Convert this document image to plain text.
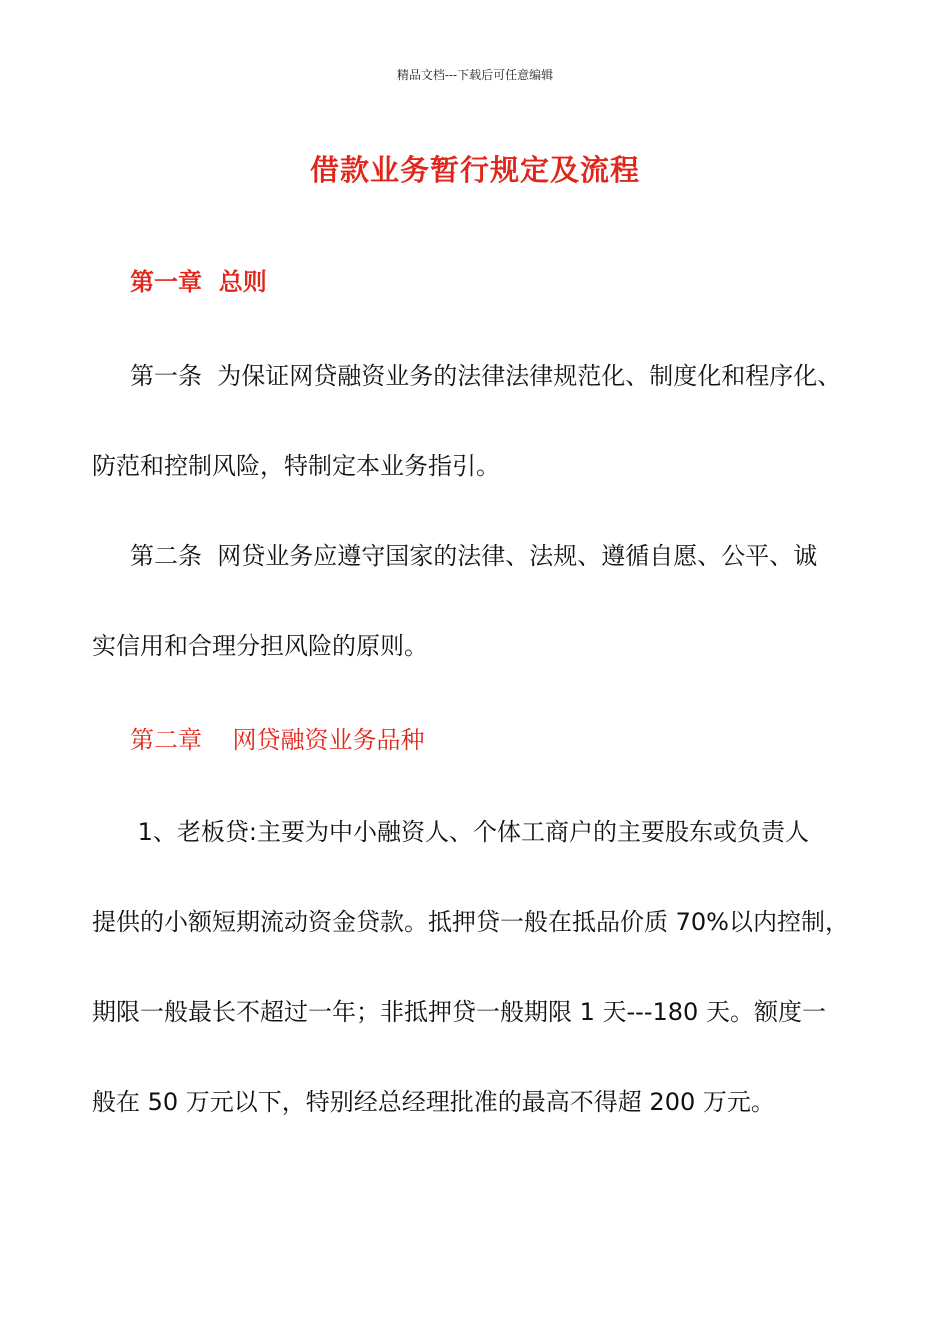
精品文档---下载后可任意编辑
借款业务暂行规定及流程
第一章  总则
第一条  为保证网贷融资业务的法律法律规范化、制度化和程序化、
防范和控制风险，特制定本业务指引。
第二条  网贷业务应遵守国家的法律、法规、遵循自愿、公平、诚
实信用和合理分担风险的原则。
第二章    网贷融资业务品种
1、老板贷:主要为中小融资人、个体工商户的主要股东或负责人
提供的小额短期流动资金贷款。抵押贷一般在抵品价质 70%以内控制，
期限一般最长不超过一年；非抵押贷一般期限 1 天---180 天。额度一
般在 50 万元以下，特别经总经理批准的最高不得超 200 万元。
